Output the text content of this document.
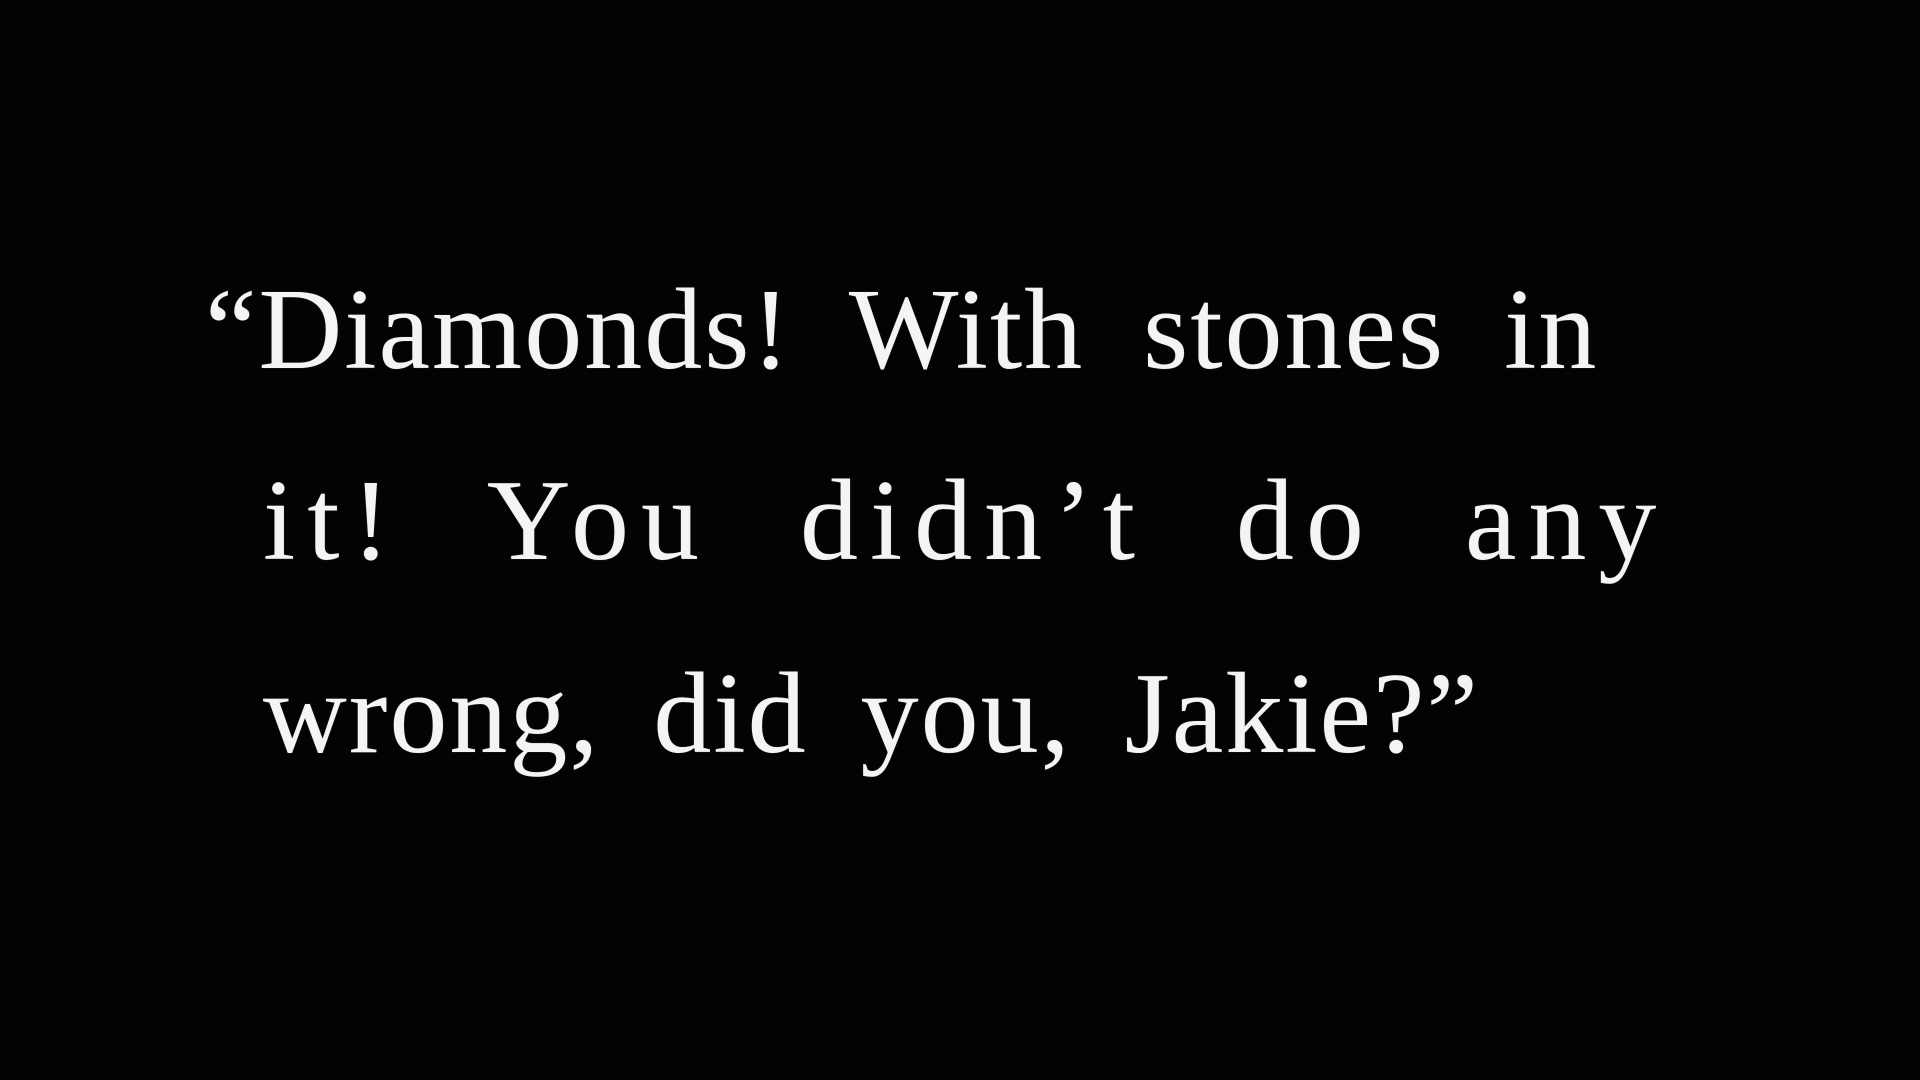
“Diamonds! With stones in
it! You didn’t do any
wrong, did you, Jakie?”
